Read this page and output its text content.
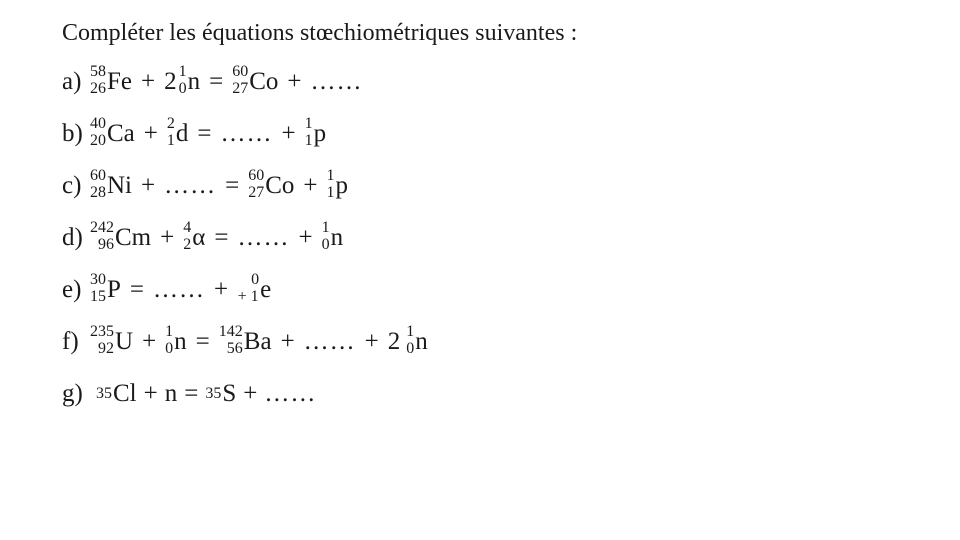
Compléter les équations stœchiométriques suivantes :
a) 58
26 Fe + 2 1
0 n = 60
27 Co + ……
b) 40
20 Ca + 2
1 d = …… + 1
1 p
c) 60
28 Ni + …… = 60
27 Co + 1
1 p
d) 242
96 Cm + 4
2 α = …… + 1
0 n
e) 30
15 P = …… +	0
+ 1 e
f) 235
92 U + 1
0 n = 142
56 Ba + …… + 2 1
0 n
g) 35 Cl + n = 35 S + ……
